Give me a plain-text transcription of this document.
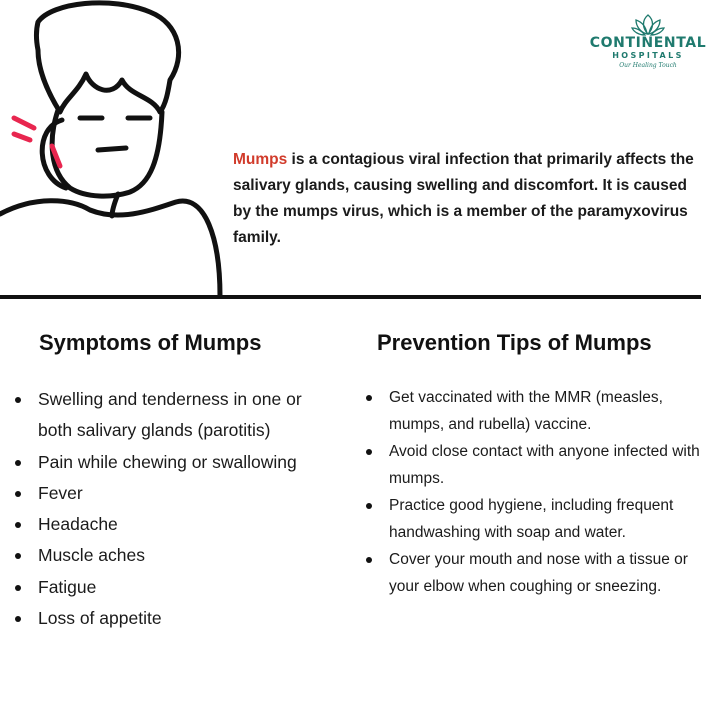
CONTINENTAL
HOSPITALS
Our Healing Touch

Mumps is a contagious viral infection that primarily affects the salivary glands, causing swelling and discomfort. It is caused by the mumps virus, which is a member of the paramyxovirus family.

Symptoms of Mumps
Swelling and tenderness in one or both salivary glands (parotitis)
Pain while chewing or swallowing
Fever
Headache
Muscle aches
Fatigue
Loss of appetite
Prevention Tips of Mumps
Get vaccinated with the MMR (measles, mumps, and rubella) vaccine.
Avoid close contact with anyone infected with mumps.
Practice good hygiene, including frequent handwashing with soap and water.
Cover your mouth and nose with a tissue or your elbow when coughing or sneezing.
